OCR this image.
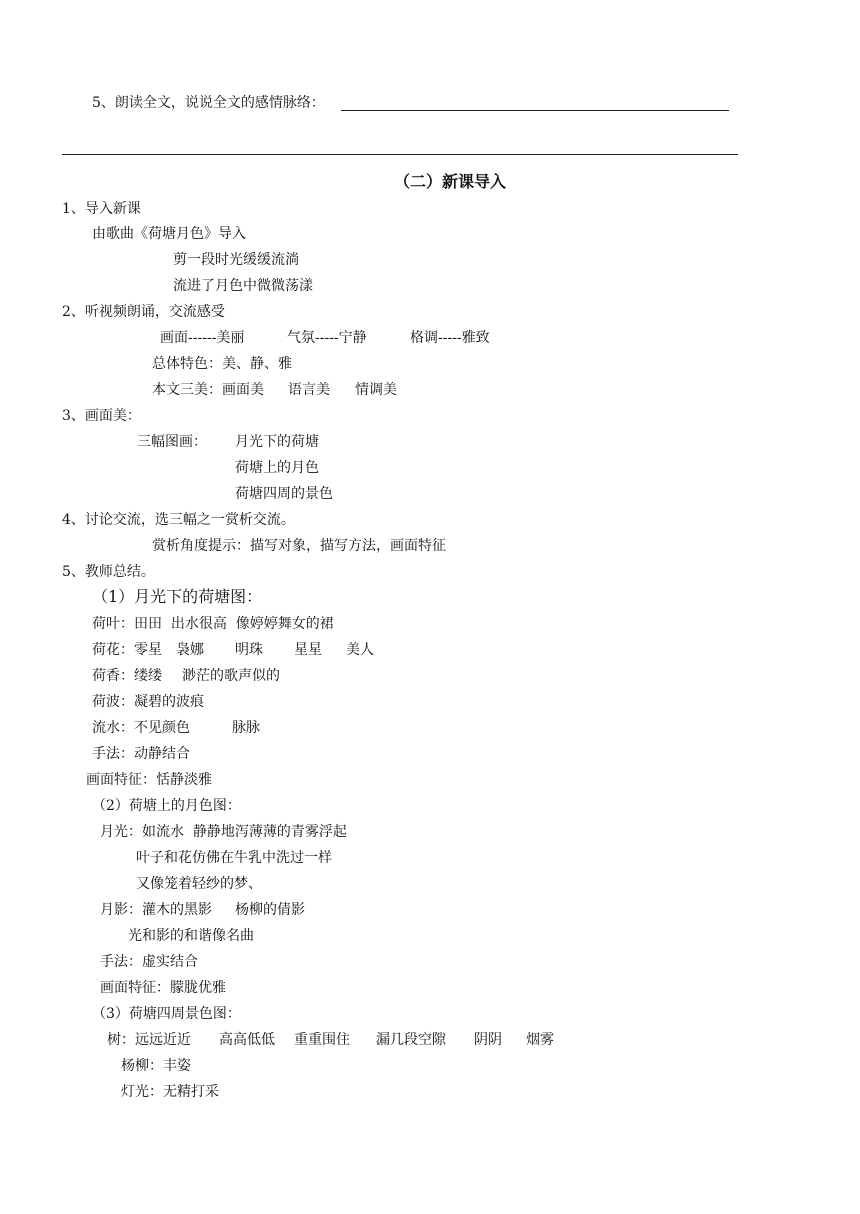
5、朗读全文，说说全文的感情脉络：
（二）新课导入
1、导入新课
由歌曲《荷塘月色》导入
剪一段时光缓缓流淌
流进了月色中微微荡漾
2、听视频朗诵，交流感受
画面------美丽	气氛-----宁静	格调-----雅致
总体特色：美、静、雅
本文三美：画面美 语言美 情调美
3、画面美：
三幅图画： 月光下的荷塘
荷塘上的月色
荷塘四周的景色
4、讨论交流，选三幅之一赏析交流。
赏析角度提示：描写对象，描写方法，画面特征
5、教师总结。
（1）月光下的荷塘图：
荷叶：田田  出水很高  像婷婷舞女的裙
荷花：零星 袅娜 明珠 星星 美人
荷香：缕缕 渺茫的歌声似的
荷波：凝碧的波痕
流水：不见颜色	脉脉
手法：动静结合
画面特征：恬静淡雅
（2）荷塘上的月色图：
月光：如流水  静静地泻薄薄的青雾浮起
叶子和花仿佛在牛乳中洗过一样
又像笼着轻纱的梦、
月影：灌木的黑影 杨柳的倩影
光和影的和谐像名曲
手法：虚实结合
画面特征：朦胧优雅
（3）荷塘四周景色图：
树：远远近近 高高低低 重重围住 漏几段空隙 阴阴 烟雾
杨柳：丰姿
灯光：无精打采
